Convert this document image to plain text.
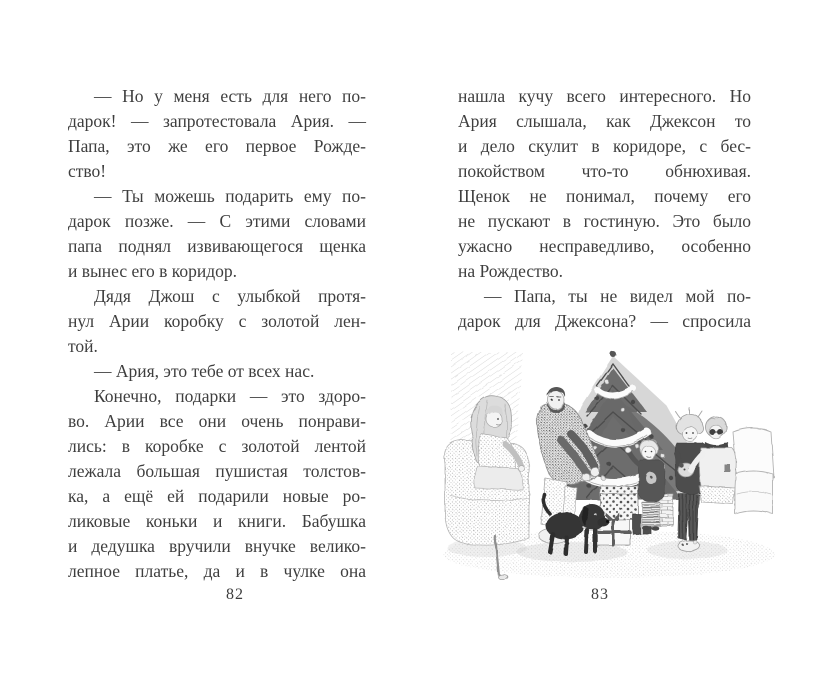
— Но у меня есть для него по-
дарок! — запротестовала Ария. —
Папа, это же его первое Рожде-
ство!
— Ты можешь подарить ему по-
дарок позже. — С этими словами
папа поднял извивающегося щенка
и вынес его в коридор.
Дядя Джош с улыбкой протя-
нул Арии коробку с золотой лен-
той.
— Ария, это тебе от всех нас.
Конечно, подарки — это здоро-
во. Арии все они очень понрави-
лись: в коробке с золотой лентой
лежала большая пушистая толстов-
ка, а ещё ей подарили новые ро-
ликовые коньки и книги. Бабушка
и дедушка вручили внучке велико-
лепное платье, да и в чулке она
82
нашла кучу всего интересного. Но
Ария слышала, как Джексон то
и дело скулит в коридоре, с бес-
покойством что-то обнюхивая.
Щенок не понимал, почему его
не пускают в гостиную. Это было
ужасно несправедливо, особенно
на Рождество.
— Папа, ты не видел мой по-
дарок для Джексона? — спросила
83
